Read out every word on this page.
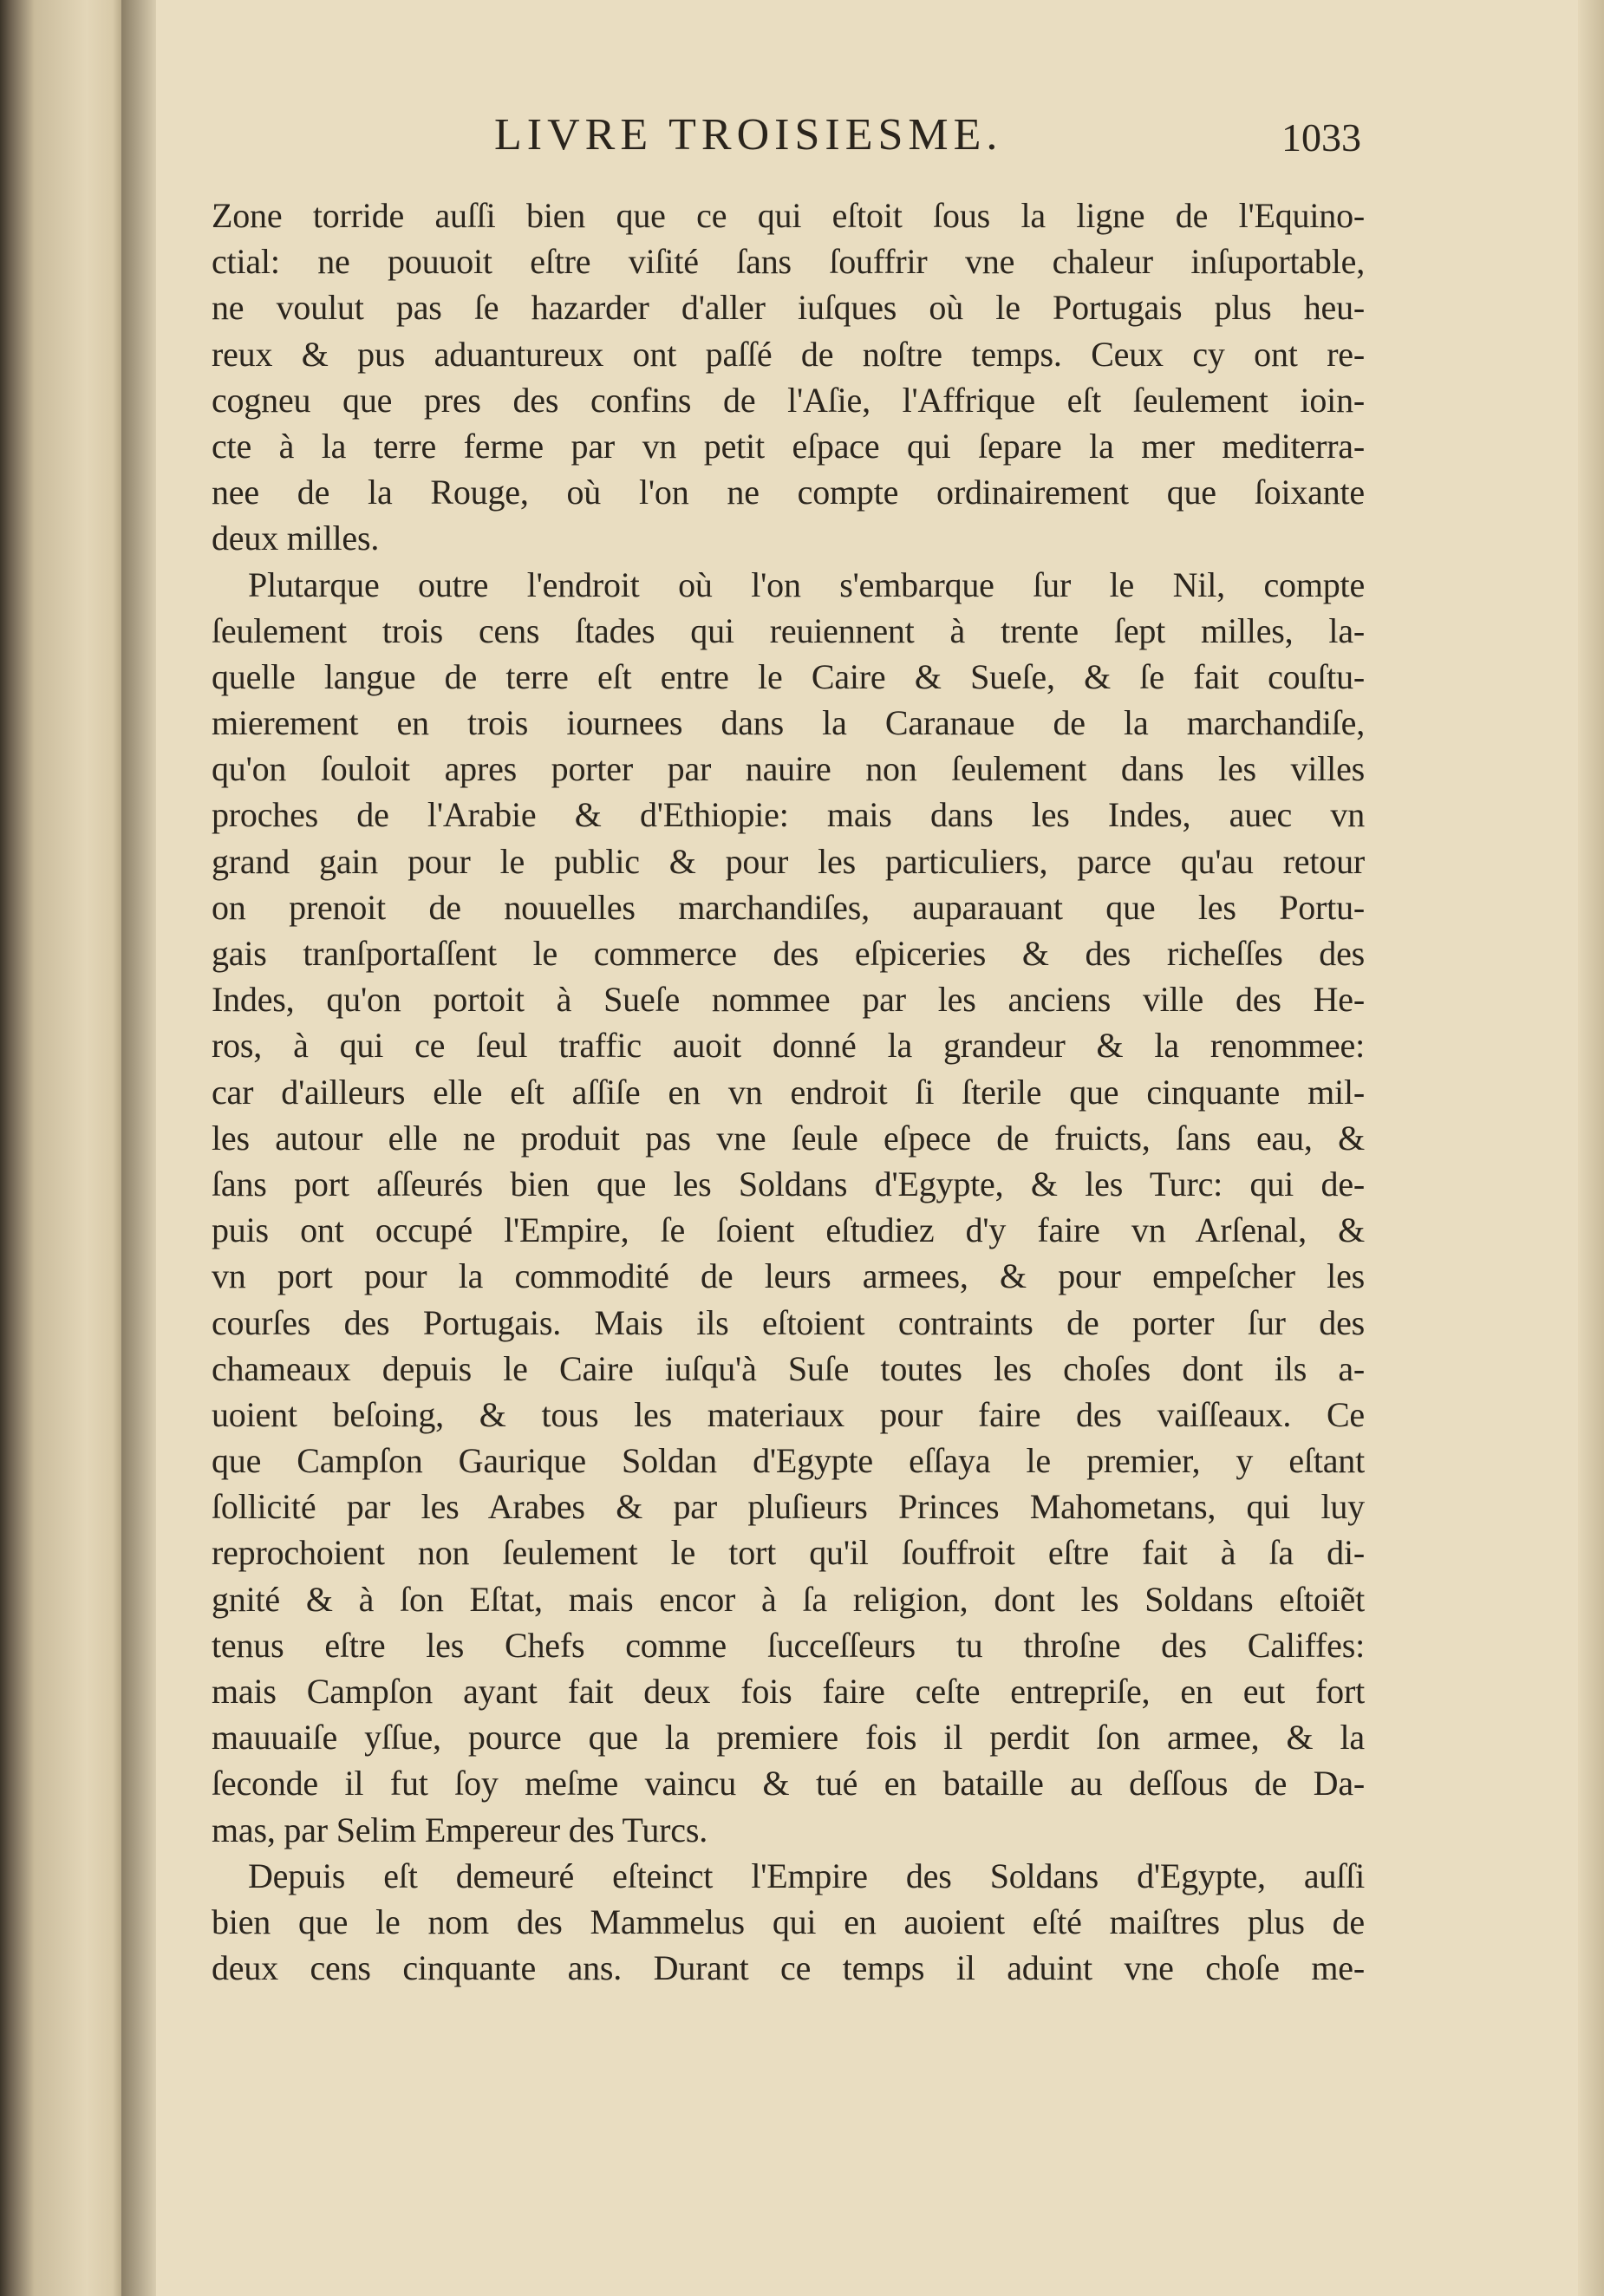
LIVRE TROISIESME.	1033
Zone torride auſſi bien que ce qui eſtoit ſous la ligne de l'Equino-
ctial: ne pouuoit eſtre viſité ſans ſouffrir vne chaleur inſuportable,
ne voulut pas ſe hazarder d'aller iuſques où le Portugais plus heu-
reux & pus aduantureux ont paſſé de noſtre temps. Ceux cy ont re-
cogneu que pres des confins de l'Aſie, l'Affrique eſt ſeulement ioin-
cte à la terre ferme par vn petit eſpace qui ſepare la mer mediterra-
nee de la Rouge, où l'on ne compte ordinairement que ſoixante
deux milles.
Plutarque outre l'endroit où l'on s'embarque ſur le Nil, compte
ſeulement trois cens ſtades qui reuiennent à trente ſept milles, la-
quelle langue de terre eſt entre le Caire & Sueſe, & ſe fait couſtu-
mierement en trois iournees dans la Caranaue de la marchandiſe,
qu'on ſouloit apres porter par nauire non ſeulement dans les villes
proches de l'Arabie & d'Ethiopie: mais dans les Indes, auec vn
grand gain pour le public & pour les particuliers, parce qu'au retour
on prenoit de nouuelles marchandiſes, auparauant que les Portu-
gais tranſportaſſent le commerce des eſpiceries & des richeſſes des
Indes, qu'on portoit à Sueſe nommee par les anciens ville des He-
ros, à qui ce ſeul traffic auoit donné la grandeur & la renommee:
car d'ailleurs elle eſt aſſiſe en vn endroit ſi ſterile que cinquante mil-
les autour elle ne produit pas vne ſeule eſpece de fruicts, ſans eau, &
ſans port aſſeurés bien que les Soldans d'Egypte, & les Turc: qui de-
puis ont occupé l'Empire, ſe ſoient eſtudiez d'y faire vn Arſenal, &
vn port pour la commodité de leurs armees, & pour empeſcher les
courſes des Portugais. Mais ils eſtoient contraints de porter ſur des
chameaux depuis le Caire iuſqu'à Suſe toutes les choſes dont ils a-
uoient beſoing, & tous les materiaux pour faire des vaiſſeaux. Ce
que Campſon Gaurique Soldan d'Egypte eſſaya le premier, y eſtant
ſollicité par les Arabes & par pluſieurs Princes Mahometans, qui luy
reprochoient non ſeulement le tort qu'il ſouffroit eſtre fait à ſa di-
gnité & à ſon Eſtat, mais encor à ſa religion, dont les Soldans eſtoiẽt
tenus eſtre les Chefs comme ſucceſſeurs tu throſne des Califfes:
mais Campſon ayant fait deux fois faire ceſte entrepriſe, en eut fort
mauuaiſe yſſue, pource que la premiere fois il perdit ſon armee, & la
ſeconde il fut ſoy meſme vaincu & tué en bataille au deſſous de Da-
mas, par Selim Empereur des Turcs.
Depuis eſt demeuré eſteinct l'Empire des Soldans d'Egypte, auſſi
bien que le nom des Mammelus qui en auoient eſté maiſtres plus de
deux cens cinquante ans. Durant ce temps il aduint vne choſe me-
